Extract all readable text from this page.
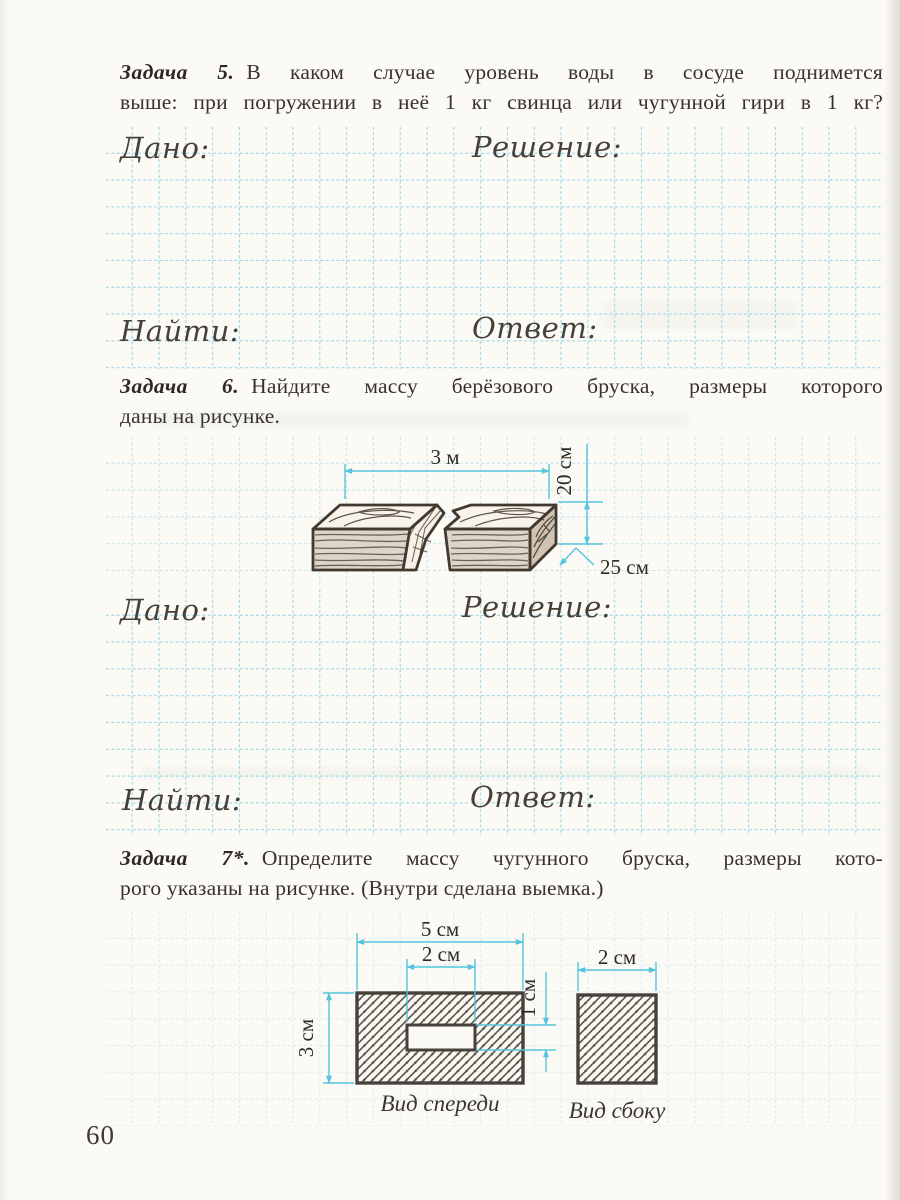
Задача 5. В каком случае уровень воды в сосуде поднимется
выше: при погружении в неё 1 кг свинца или чугунной гири в 1 кг?
Дано:	Решение:
Найти:	Ответ:
Задача 6. Найдите массу берёзового бруска, размеры которого
даны на рисунке.
3 м	20 см
25 см
Дано:	Решение:
Найти:	Ответ:
Задача 7*. Определите массу чугунного бруска, размеры кото-
рого указаны на рисунке. (Внутри сделана выемка.)
5 см
2 см
3 см
1 см
2 см
Вид спереди	Вид сбоку
60
